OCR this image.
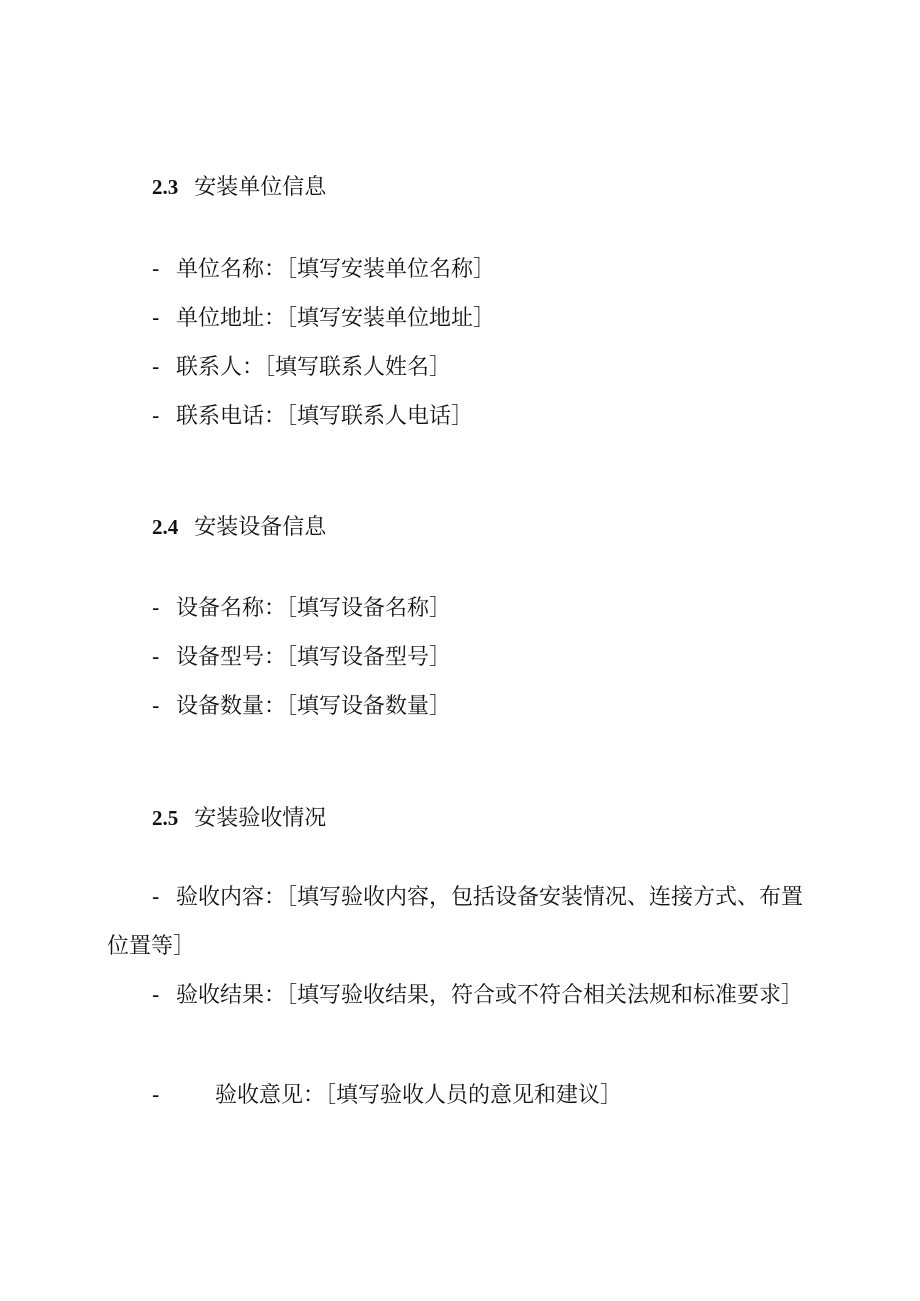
2.3 安装单位信息
- 单位名称：［填写安装单位名称］
- 单位地址：［填写安装单位地址］
- 联系人：［填写联系人姓名］
- 联系电话：［填写联系人电话］
2.4 安装设备信息
- 设备名称：［填写设备名称］
- 设备型号：［填写设备型号］
- 设备数量：［填写设备数量］
2.5 安装验收情况
- 验收内容：［填写验收内容，包括设备安装情况、连接方式、布置位置等］
- 验收结果：［填写验收结果，符合或不符合相关法规和标准要求］
-	验收意见：［填写验收人员的意见和建议］
